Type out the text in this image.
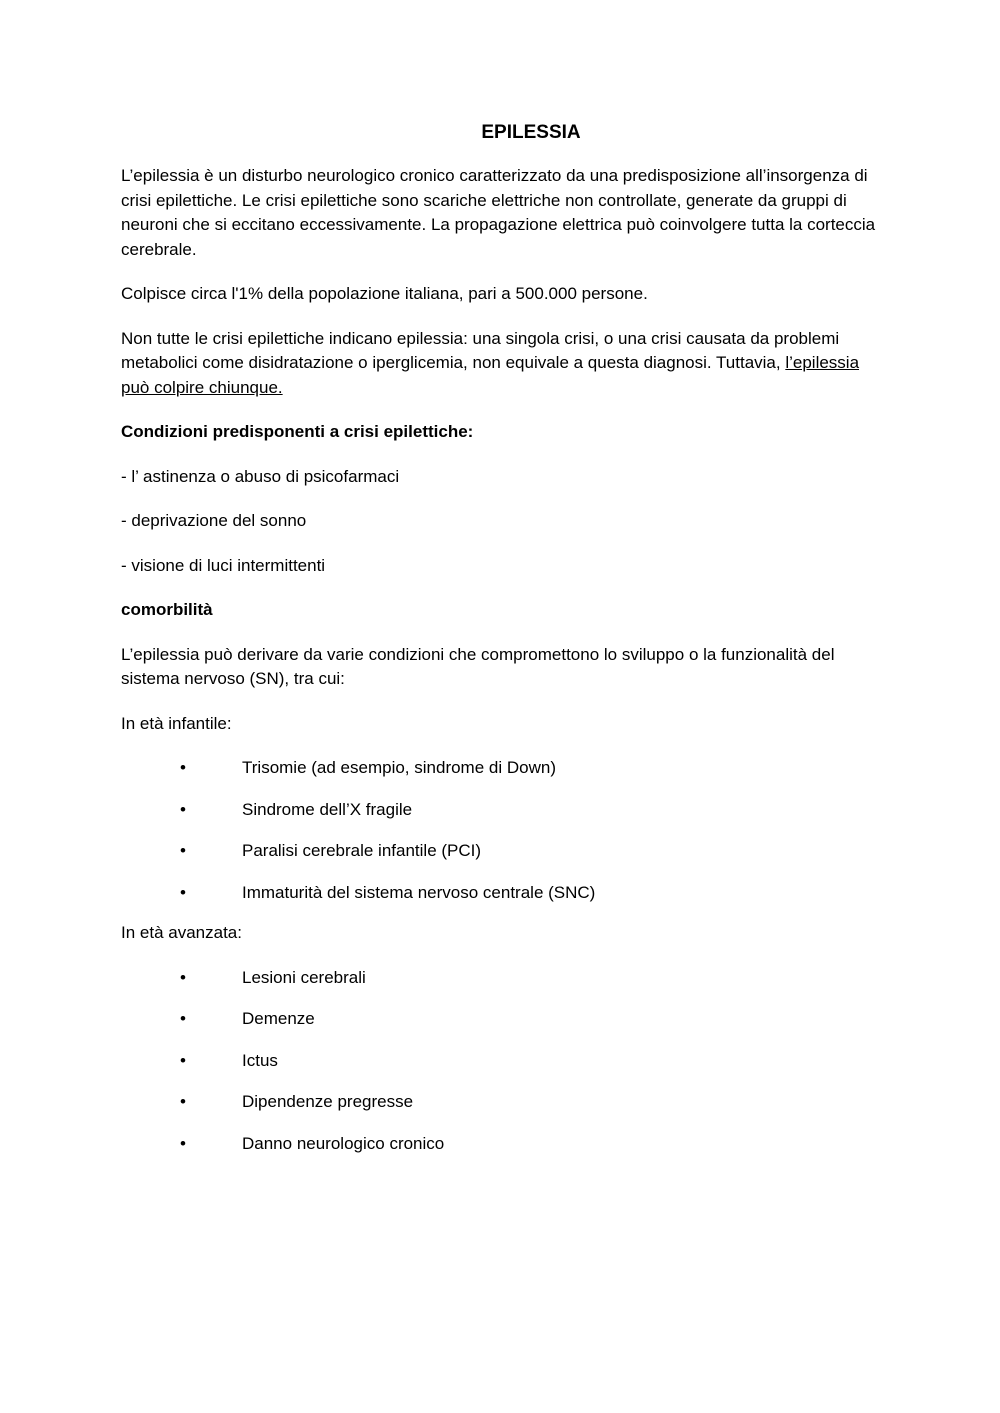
EPILESSIA

L’epilessia è un disturbo neurologico cronico caratterizzato da una predisposizione all’insorgenza di crisi epilettiche. Le crisi epilettiche sono scariche elettriche non controllate, generate da gruppi di neuroni che si eccitano eccessivamente. La propagazione elettrica può coinvolgere tutta la corteccia cerebrale.

Colpisce circa l'1% della popolazione italiana, pari a 500.000 persone.

Non tutte le crisi epilettiche indicano epilessia: una singola crisi, o una crisi causata da problemi metabolici come disidratazione o iperglicemia, non equivale a questa diagnosi. Tuttavia, l’epilessia può colpire chiunque.

Condizioni predisponenti a crisi epilettiche:

- l’ astinenza o abuso di psicofarmaci

- deprivazione del sonno

- visione di luci intermittenti

comorbilità

L’epilessia può derivare da varie condizioni che compromettono lo sviluppo o la funzionalità del sistema nervoso (SN), tra cui:

In età infantile:

•	Trisomie (ad esempio, sindrome di Down)
•	Sindrome dell’X fragile
•	Paralisi cerebrale infantile (PCI)
•	Immaturità del sistema nervoso centrale (SNC)

In età avanzata:

•	Lesioni cerebrali
•	Demenze
•	Ictus
•	Dipendenze pregresse
•	Danno neurologico cronico
